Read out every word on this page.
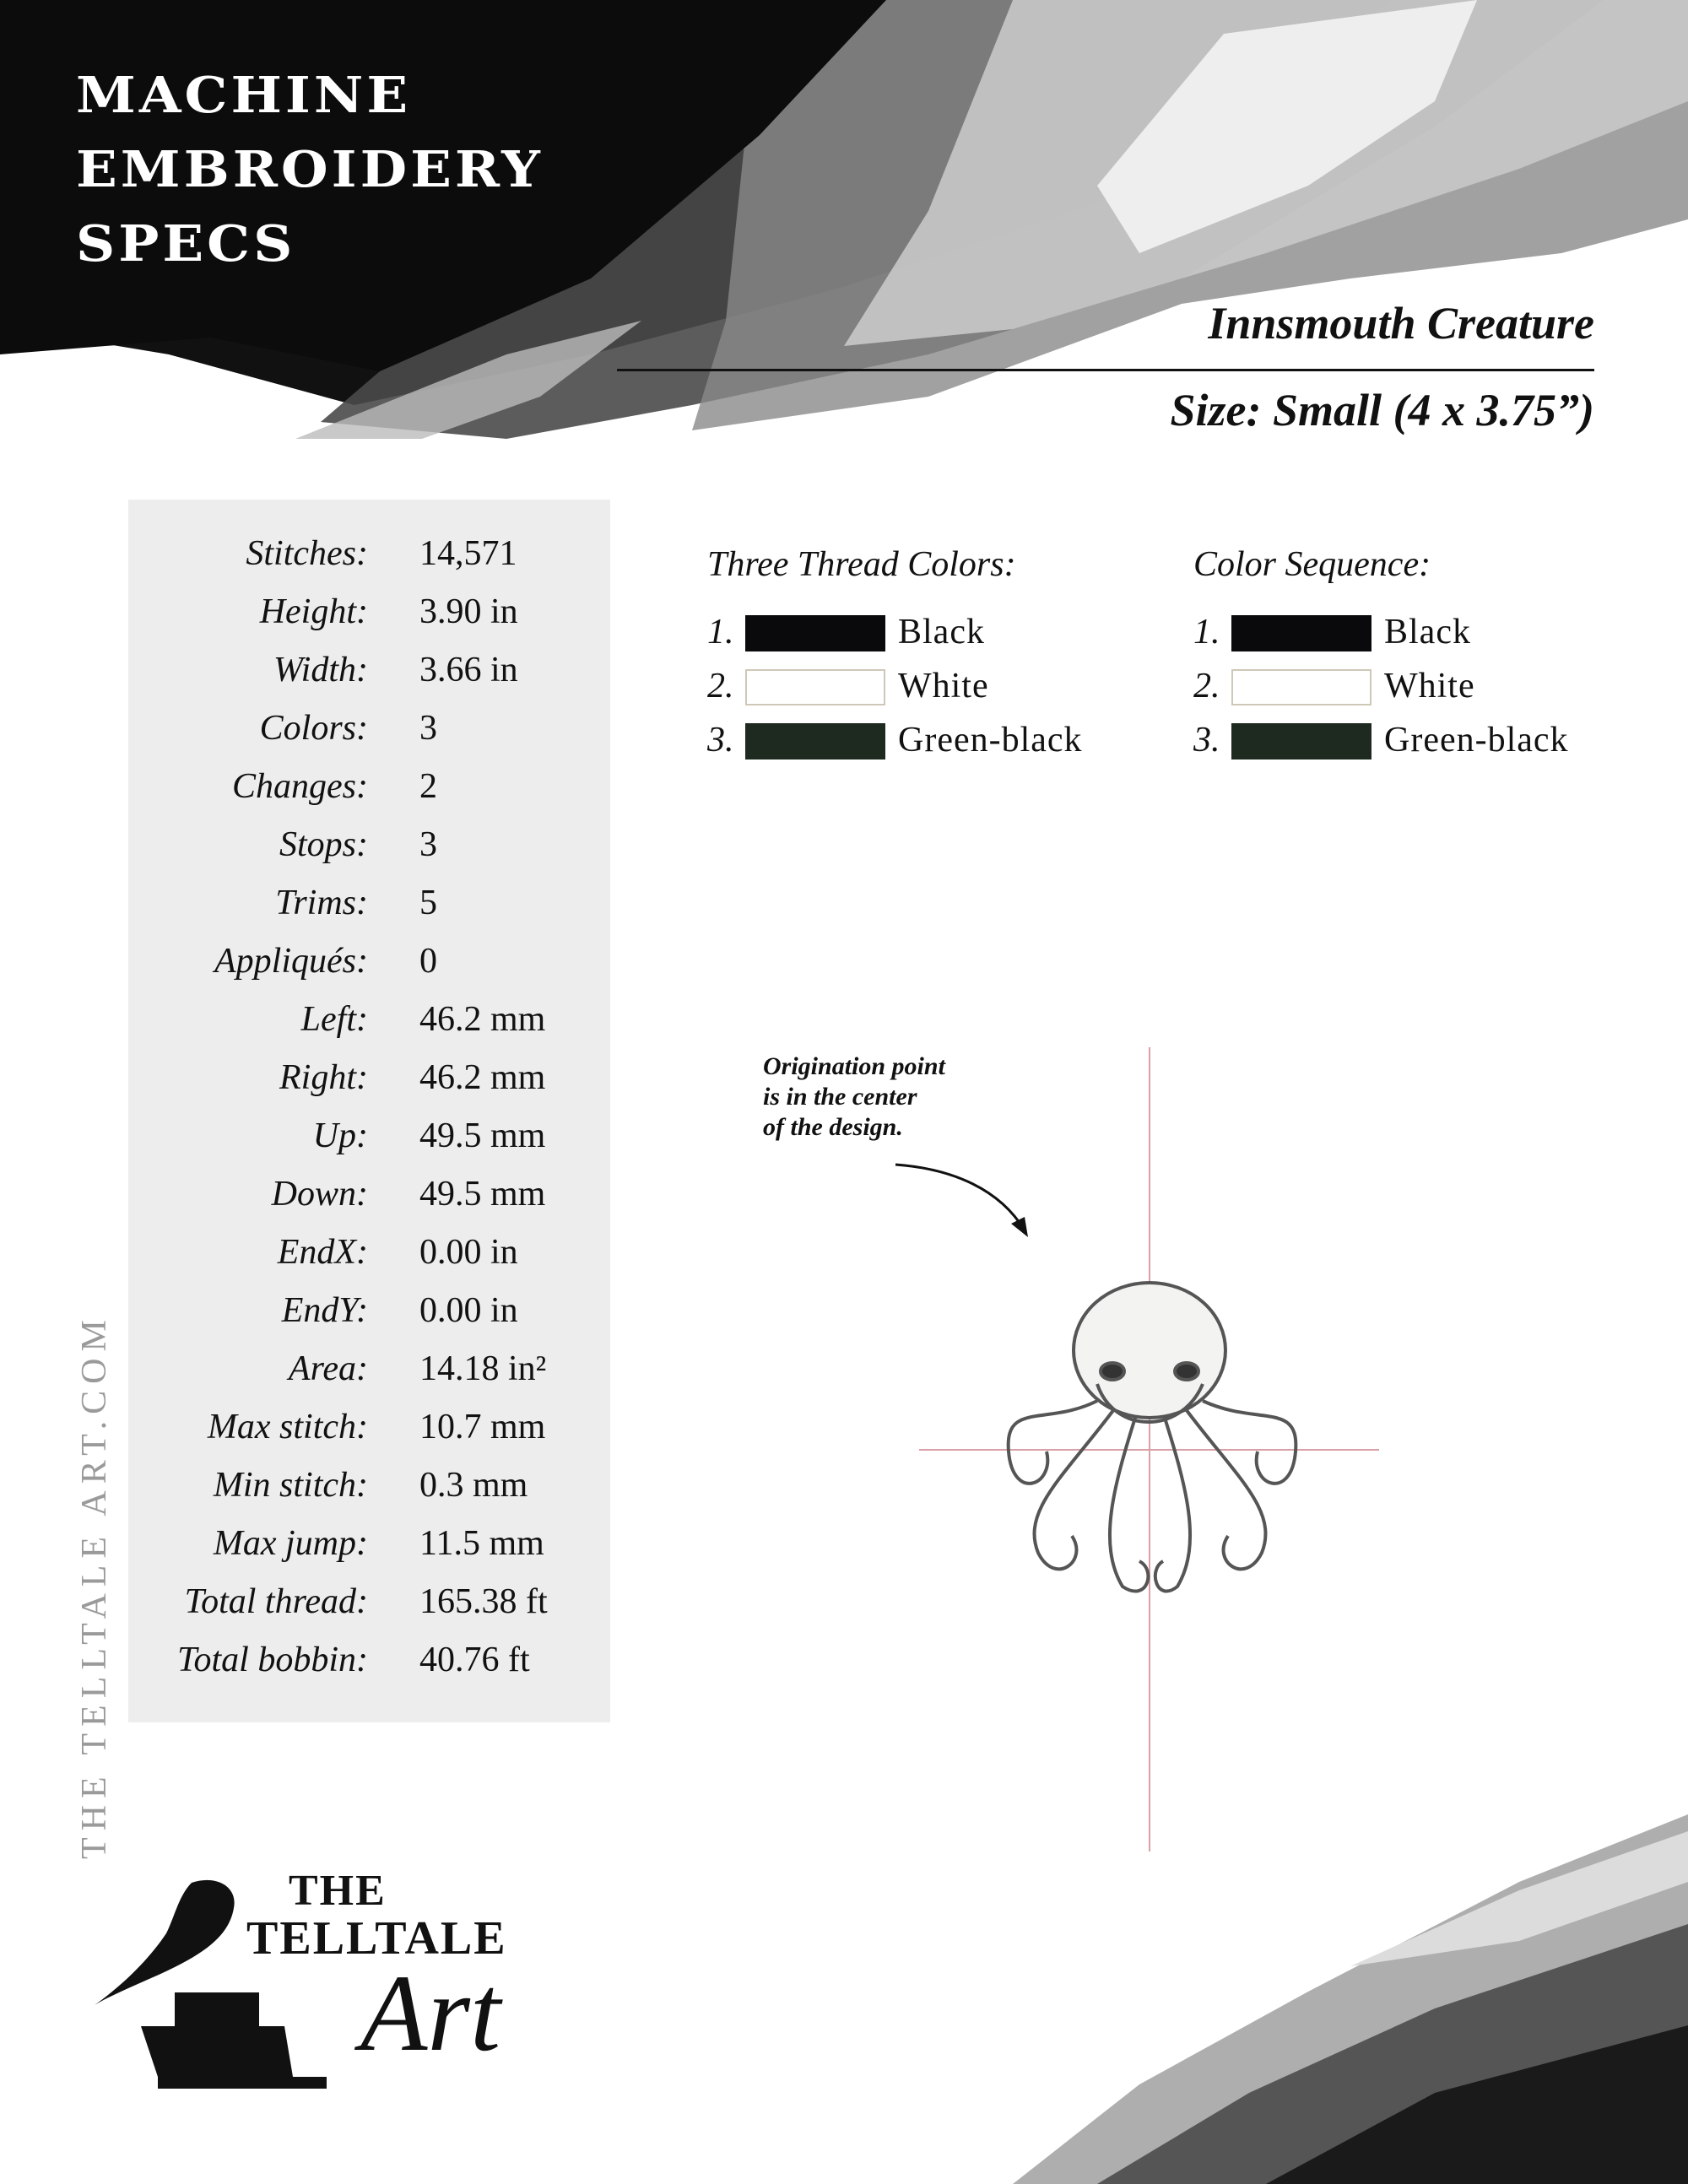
MACHINE
EMBROIDERY
SPECS
Innsmouth Creature
Size: Small (4 x 3.75”)
Stitches: 14,571
Height: 3.90 in
Width: 3.66 in
Colors: 3
Changes: 2
Stops: 3
Trims: 5
Appliqués: 0
Left: 46.2 mm
Right: 46.2 mm
Up: 49.5 mm
Down: 49.5 mm
EndX: 0.00 in
EndY: 0.00 in
Area: 14.18 in²
Max stitch: 10.7 mm
Min stitch: 0.3 mm
Max jump: 11.5 mm
Total thread: 165.38 ft
Total bobbin: 40.76 ft
Three Thread Colors:	Color Sequence:
1.	Black
2.	White
3.	Green-black
1.	Black
2.	White
3.	Green-black
Origination point
is in the center
of the design.
THE TELLTALE ART.COM
THE
TELLTALE
Art
